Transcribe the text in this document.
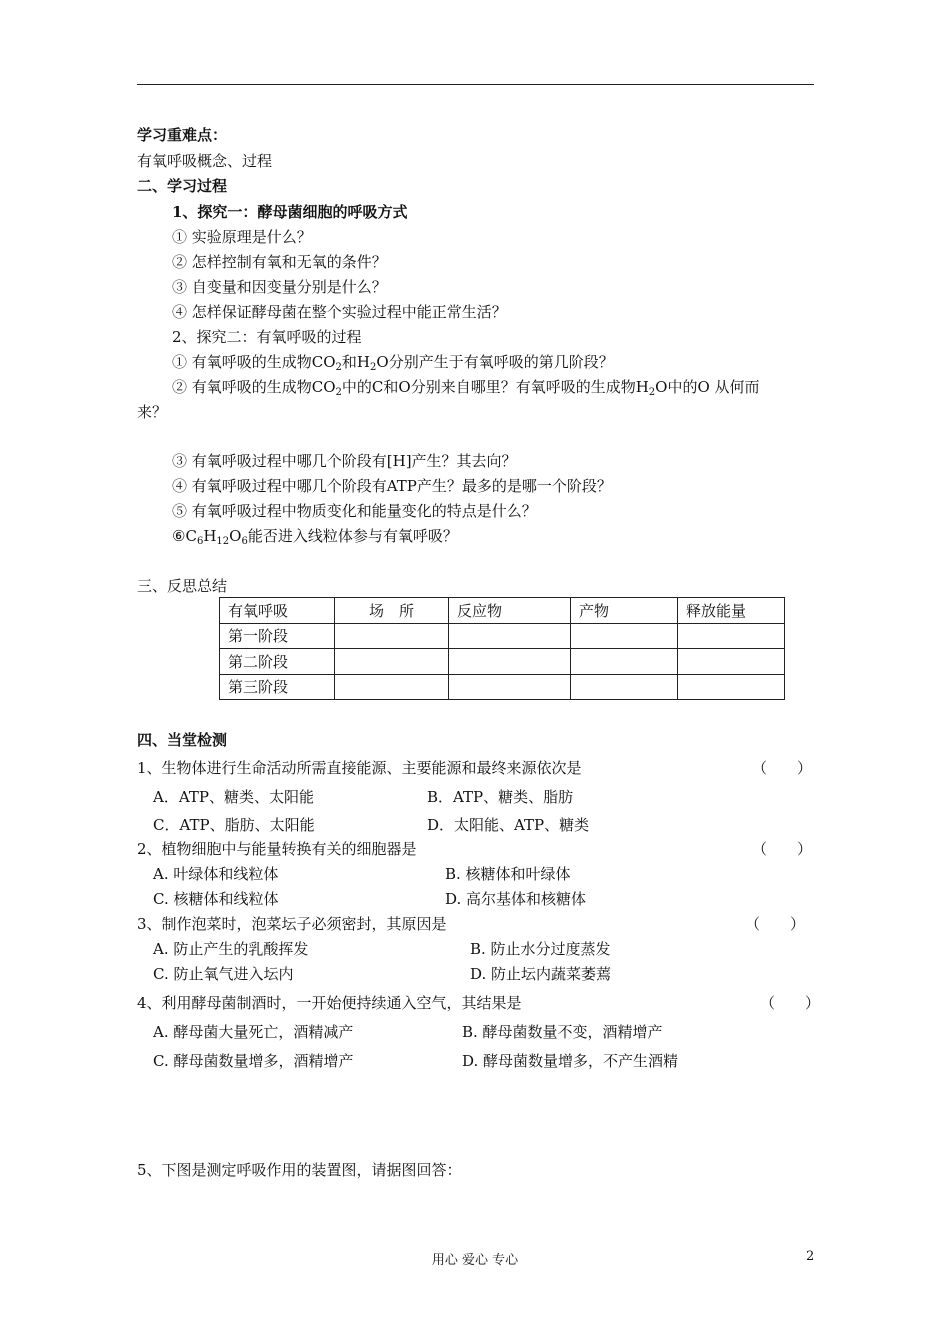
学习重难点：
有氧呼吸概念、过程
二、学习过程
1、探究一：酵母菌细胞的呼吸方式
① 实验原理是什么？
② 怎样控制有氧和无氧的条件？
③ 自变量和因变量分别是什么？
④ 怎样保证酵母菌在整个实验过程中能正常生活？
2、探究二：有氧呼吸的过程
① 有氧呼吸的生成物$CO_2$和$H_2O$分别产生于有氧呼吸的第几阶段？
② 有氧呼吸的生成物$CO_2$中的C和O分别来自哪里？有氧呼吸的生成物$H_2O$中的O 从何而
来？
③ 有氧呼吸过程中哪几个阶段有[H]产生？其去向？
④ 有氧呼吸过程中哪几个阶段有ATP产生？最多的是哪一个阶段？
⑤ 有氧呼吸过程中物质变化和能量变化的特点是什么？
$⑥C_6H_{12}O_6$能否进入线粒体参与有氧呼吸？
三、反思总结
有氧呼吸	场　所	反应物	产物	释放能量
第一阶段				
第二阶段				
第三阶段				
四、当堂检测
1、生物体进行生命活动所需直接能源、主要能源和最终来源依次是	（　　）
A．ATP、糖类、太阳能	B．ATP、糖类、脂肪
C．ATP、脂肪、太阳能	D．太阳能、ATP、糖类
2、植物细胞中与能量转换有关的细胞器是	（　　）
A. 叶绿体和线粒体	B. 核糖体和叶绿体
C. 核糖体和线粒体	D. 高尔基体和核糖体
3、制作泡菜时，泡菜坛子必须密封，其原因是	（　　）
A. 防止产生的乳酸挥发	B. 防止水分过度蒸发
C. 防止氧气进入坛内	D. 防止坛内蔬菜萎蔫
4、利用酵母菌制酒时，一开始便持续通入空气，其结果是	（　　）
A. 酵母菌大量死亡，酒精减产	B. 酵母菌数量不变，酒精增产
C. 酵母菌数量增多，酒精增产	D. 酵母菌数量增多，不产生酒精
5、下图是测定呼吸作用的装置图，请据图回答：
用心 爱心 专心	2
